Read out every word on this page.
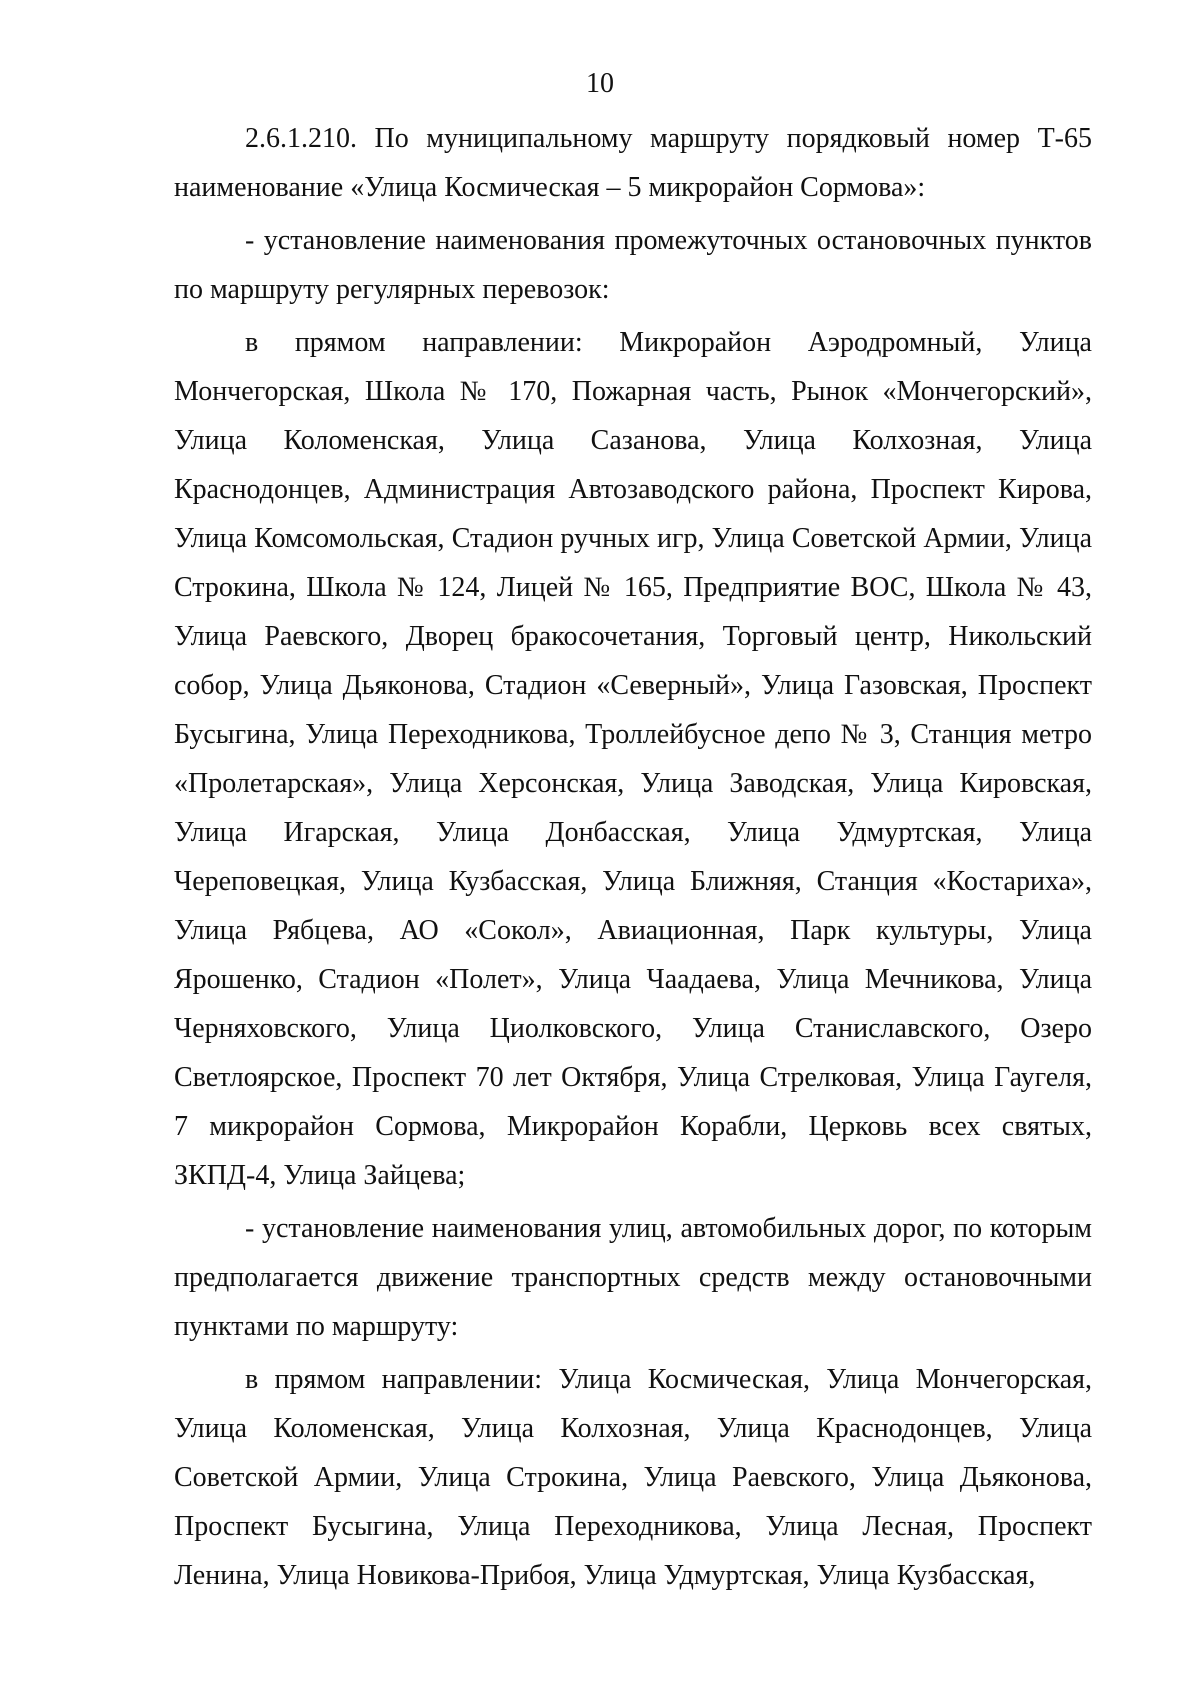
10

2.6.1.210. По муниципальному маршруту порядковый номер Т-65 наименование «Улица Космическая – 5 микрорайон Сормова»:

- установление наименования промежуточных остановочных пунктов по маршруту регулярных перевозок:

в прямом направлении: Микрорайон Аэродромный, Улица Мончегорская, Школа № 170, Пожарная часть, Рынок «Мончегорский», Улица Коломенская, Улица Сазанова, Улица Колхозная, Улица Краснодонцев, Администрация Автозаводского района, Проспект Кирова, Улица Комсомольская, Стадион ручных игр, Улица Советской Армии, Улица Строкина, Школа № 124, Лицей № 165, Предприятие ВОС, Школа № 43, Улица Раевского, Дворец бракосочетания, Торговый центр, Никольский собор, Улица Дьяконова, Стадион «Северный», Улица Газовская, Проспект Бусыгина, Улица Переходникова, Троллейбусное депо № 3, Станция метро «Пролетарская», Улица Херсонская, Улица Заводская, Улица Кировская, Улица Игарская, Улица Донбасская, Улица Удмуртская, Улица Череповецкая, Улица Кузбасская, Улица Ближняя, Станция «Костариха», Улица Рябцева, АО «Сокол», Авиационная, Парк культуры, Улица Ярошенко, Стадион «Полет», Улица Чаадаева, Улица Мечникова, Улица Черняховского, Улица Циолковского, Улица Станиславского, Озеро Светлоярское, Проспект 70 лет Октября, Улица Стрелковая, Улица Гаугеля, 7 микрорайон Сормова, Микрорайон Корабли, Церковь всех святых, ЗКПД-4, Улица Зайцева;

- установление наименования улиц, автомобильных дорог, по которым предполагается движение транспортных средств между остановочными пунктами по маршруту:

в прямом направлении: Улица Космическая, Улица Мончегорская, Улица Коломенская, Улица Колхозная, Улица Краснодонцев, Улица Советской Армии, Улица Строкина, Улица Раевского, Улица Дьяконова, Проспект Бусыгина, Улица Переходникова, Улица Лесная, Проспект Ленина, Улица Новикова-Прибоя, Улица Удмуртская, Улица Кузбасская,
